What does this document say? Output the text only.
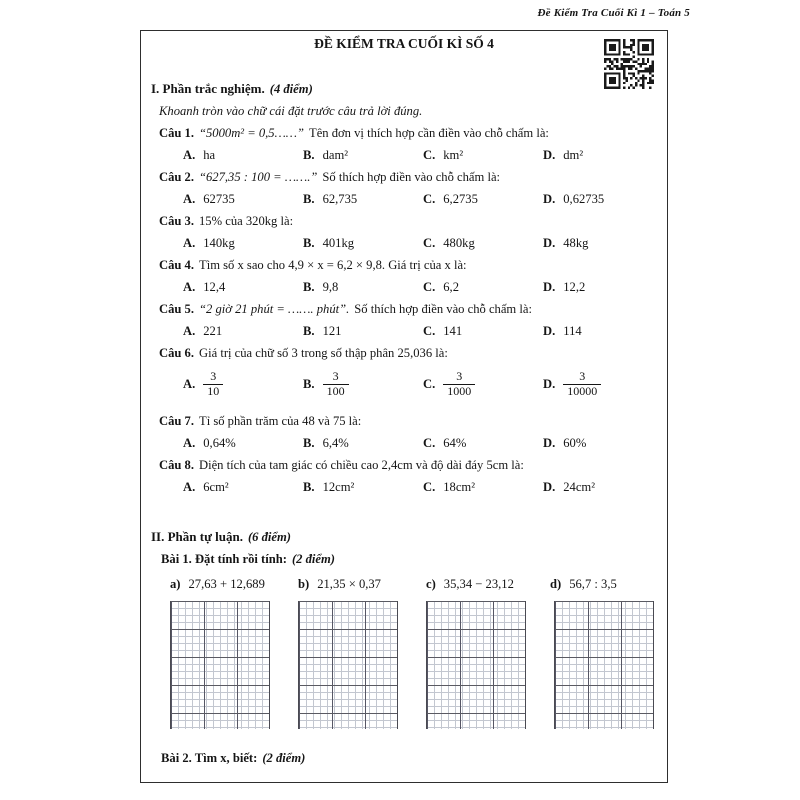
Đề Kiểm Tra Cuối Kì 1 – Toán 5
ĐỀ KIỂM TRA CUỐI KÌ SỐ 4
I. Phần trắc nghiệm. (4 điểm)
Khoanh tròn vào chữ cái đặt trước câu trả lời đúng.
Câu 1. “5000m² = 0,5……” Tên đơn vị thích hợp cần điền vào chỗ chấm là:
A. ha	B. dam²	C. km²	D. dm²
Câu 2. “627,35 : 100 = …….” Số thích hợp điền vào chỗ chấm là:
A. 62735	B. 62,735	C. 6,2735	D. 0,62735
Câu 3. 15% của 320kg là:
A. 140kg	B. 401kg	C. 480kg	D. 48kg
Câu 4. Tìm số x sao cho 4,9 × x = 6,2 × 9,8. Giá trị của x là:
A. 12,4	B. 9,8	C. 6,2	D. 12,2
Câu 5. “2 giờ 21 phút = ……. phút”. Số thích hợp điền vào chỗ chấm là:
A. 221	B. 121	C. 141	D. 114
Câu 6. Giá trị của chữ số 3 trong số thập phân 25,036 là:
A. $\frac{3}{10}$	B. $\frac{3}{100}$	C. $\frac{3}{1000}$	D. $\frac{3}{10000}$
Câu 7. Tỉ số phần trăm của 48 và 75 là:
A. 0,64%	B. 6,4%	C. 64%	D. 60%
Câu 8. Diện tích của tam giác có chiều cao 2,4cm và độ dài đáy 5cm là:
A. 6cm²	B. 12cm²	C. 18cm²	D. 24cm²
II. Phần tự luận. (6 điểm)
Bài 1. Đặt tính rồi tính: (2 điểm)
a) 27,63 + 12,689	b) 21,35 × 0,37	c) 35,34 − 23,12	d) 56,7 : 3,5
Bài 2. Tìm x, biết: (2 điểm)
